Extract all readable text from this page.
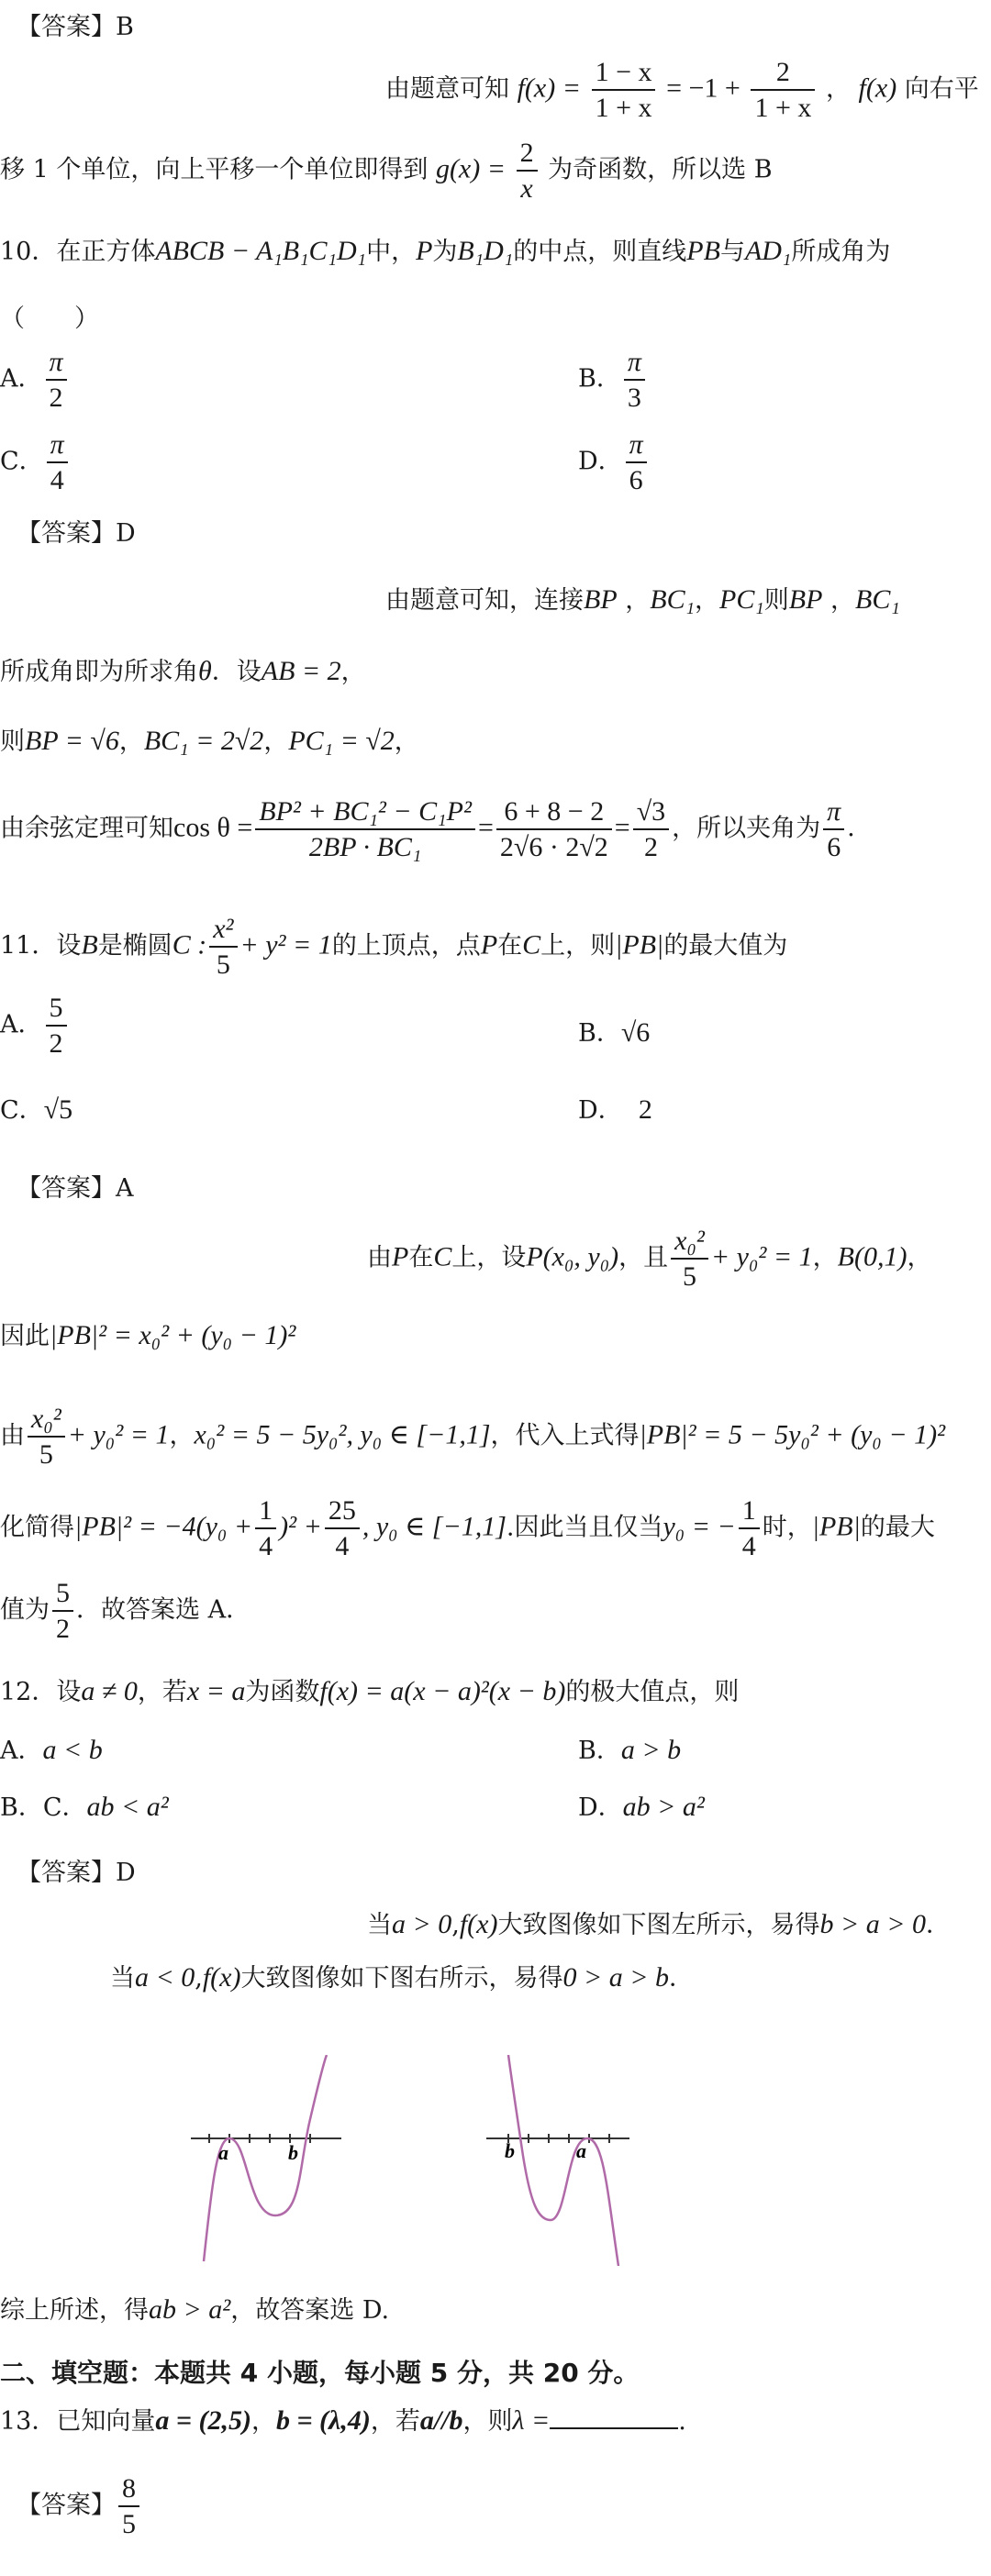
【答案】B
由题意可知 $f(x) = \frac{1 - x}{1 + x} = -1 + \frac{2}{1 + x}$ ， f(x) 向右平
移 1 个单位，向上平移一个单位即得到 $g(x) = \frac{2}{x}$ 为奇函数，所以选 B
10．在正方体ABCB − A₁B₁C₁D₁中，P为B₁D₁的中点，则直线PB与AD₁所成角为
（　　）
A． $\frac{\pi}{2}$	B． $\frac{\pi}{3}$
C． $\frac{\pi}{4}$	D． $\frac{\pi}{6}$
【答案】D
由题意可知，连接BP ，BC₁，PC₁则BP ，BC₁
所成角即为所求角θ．设AB = 2，
则BP = √6，BC₁ = 2√2，PC₁ = √2，
由余弦定理可知$\cos \theta = \frac{\text{BP² + BC₁² − C₁P²}}{\text{2BP · BC₁}} = \frac{6 + 8 - 2}{2√6 \cdot 2√2} = \frac{√3}{2}$ ，所以夹角为 $\frac{\pi}{6}$ ．
11．设B是椭圆C : $\frac{\text{x²}}{5} + y^2 = 1$的上顶点，点P在C上，则|PB|的最大值为
A． $\frac{5}{2}$	B．√6
C．√5	D． 2
【答案】A
由P在C上，设P(x₀, y₀)，且 $\frac{\text{x₀²}}{5} + y_0^2 = 1$，B(0,1)，
因此|PB|² = x₀² + (y₀ − 1)²
由 $\frac{\text{x₀²}}{5} + y_0^2 = 1$，x₀² = 5 − 5y₀², y₀ ∈ [−1,1]，代入上式得|PB|² = 5 − 5y₀² + (y₀ − 1)²
化简得$|PB|^2 = -4(y_0 + \frac{1}{4} )^2 + \frac{25}{4}$ , y₀ ∈ [−1,1].因此当且仅当y₀ = − $\frac{1}{4}$ 时，|PB|的最大
值为 $\frac{5}{2}$ ．故答案选 A．
12．设a ≠ 0，若x = a为函数f(x) = a(x − a)²(x − b)的极大值点，则
A．a < b	B．a > b
B．C．ab < a²	D．ab > a²
【答案】D
当a > 0,f(x)大致图像如下图左所示，易得b > a > 0．
当a < 0,f(x)大致图像如下图右所示，易得0 > a > b．
a	b	b	a
综上所述，得ab > a²，故答案选 D.
二、填空题：本题共 4 小题，每小题 5 分，共 20 分。
13．已知向量a = (2,5)，b = (λ,4)，若a//b，则λ =	.
【答案】 $\frac{8}{5}$
